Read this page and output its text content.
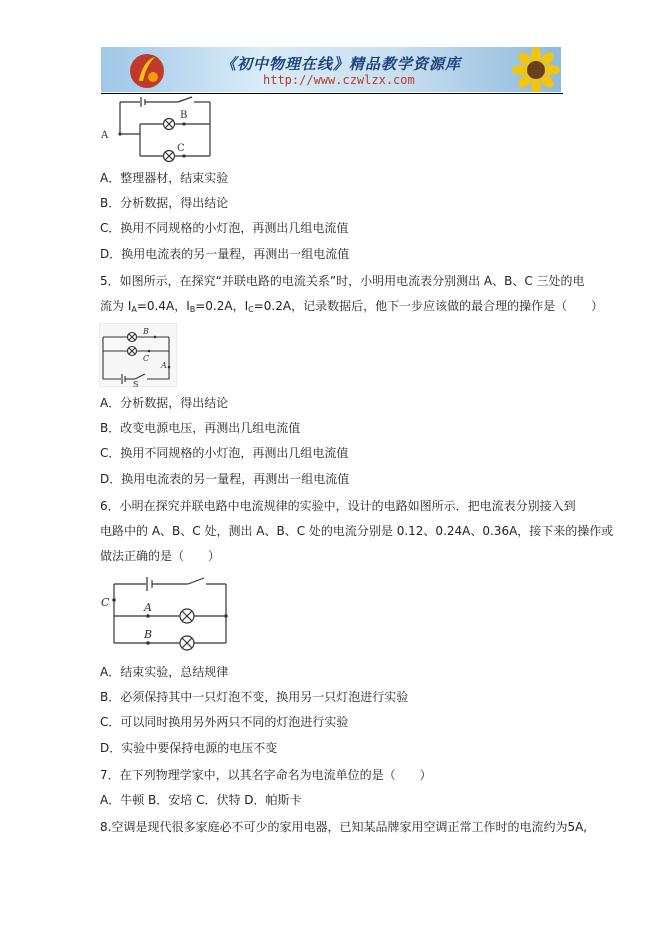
《初中物理在线》精品教学资源库
http://www.czwlzx.com
A
B
C
A．整理器材，结束实验
B．分析数据，得出结论
C．换用不同规格的小灯泡，再测出几组电流值
D．换用电流表的另一量程，再测出一组电流值
5．如图所示，在探究“并联电路的电流关系”时，小明用电流表分别测出 A、B、C 三处的电
流为 $I_A=0.4A$，$I_B=0.2A$，$I_C=0.2A$，记录数据后，他下一步应该做的最合理的操作是（　　）
B
C
A
S
A．分析数据，得出结论
B．改变电源电压，再测出几组电流值
C．换用不同规格的小灯泡，再测出几组电流值
D．换用电流表的另一量程，再测出一组电流值
6．小明在探究并联电路中电流规律的实验中，设计的电路如图所示．把电流表分别接入到
电路中的 A、B、C 处，测出 A、B、C 处的电流分别是 0.12、0.24A、0.36A，接下来的操作或
做法正确的是（　　）
C	A
B
A．结束实验，总结规律
B．必须保持其中一只灯泡不变，换用另一只灯泡进行实验
C．可以同时换用另外两只不同的灯泡进行实验
D．实验中要保持电源的电压不变
7．在下列物理学家中，以其名字命名为电流单位的是（　　）
A．牛顿 B．安培 C．伏特 D．帕斯卡
8.空调是现代很多家庭必不可少的家用电器，已知某品牌家用空调正常工作时的电流约为5A,
